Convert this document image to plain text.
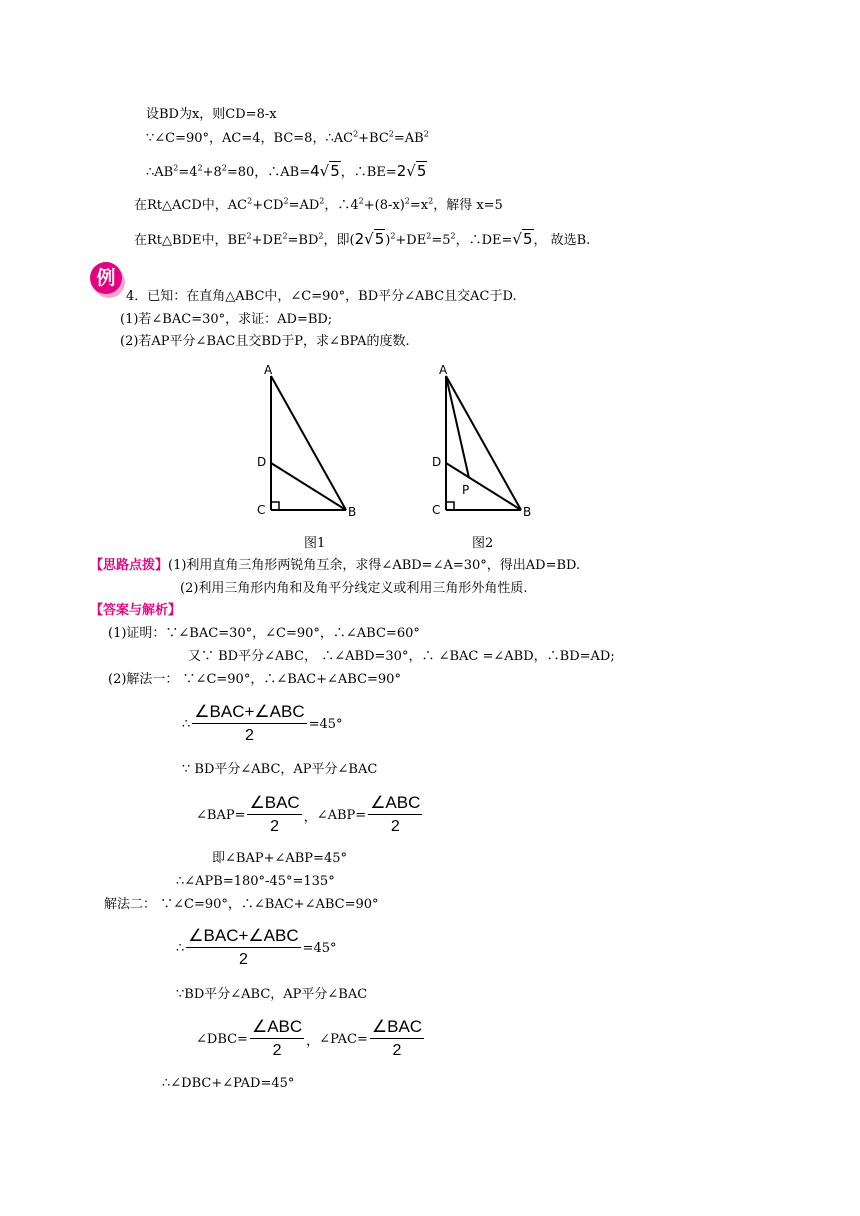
设BD为x，则CD=8-x
∵∠C=90°，AC=4，BC=8，$\therefore AC^2+BC^2=AB^2$
$\therefore AB^2=4^2+8^2=80$，∴AB=4√5，∴BE=2√5
在Rt△ACD中，$AC^2+CD^2=AD^2$，$\therefore 4^2+(8-x)^2=x^2$，解得 x=5
在Rt△BDE中，$BE^2+DE^2=BD^2$，即$(2√5)^2+DE^2=5^2$，∴DE=√5， 故选B.
例
4．已知：在直角△ABC中，∠C=90°，BD平分∠ABC且交AC于D.
(1)若∠BAC=30°，求证：AD=BD;
(2)若AP平分∠BAC且交BD于P，求∠BPA的度数.
A
D
C	B
A
D
P
C	B
图1	图2
【思路点拨】(1)利用直角三角形两锐角互余，求得∠ABD=∠A=30°，得出AD=BD.
(2)利用三角形内角和及角平分线定义或利用三角形外角性质.
【答案与解析】
(1)证明：∵∠BAC=30°，∠C=90°，∴∠ABC=60°
又∵ BD平分∠ABC， ∴∠ABD=30°，∴ ∠BAC =∠ABD，∴BD=AD;
(2)解法一： ∵∠C=90°，∴∠BAC+∠ABC=90°
∴ $\frac{\text{∠BAC+∠ABC}}{2} =45^\circ$
∵ BD平分∠ABC，AP平分∠BAC
∠BAP= $\frac{\text{∠BAC}}{2}$ ， ∠ABP= $\frac{\text{∠ABC}}{2}$
即∠BAP+∠ABP=45°
∴∠APB=180°-45°=135°
解法二： ∵∠C=90°，∴∠BAC+∠ABC=90°
∴ $\frac{\text{∠BAC+∠ABC}}{2} =45^\circ$
∵BD平分∠ABC，AP平分∠BAC
∠DBC= $\frac{\text{∠ABC}}{2}$ ， ∠PAC= $\frac{\text{∠BAC}}{2}$
∴∠DBC+∠PAD=45°
